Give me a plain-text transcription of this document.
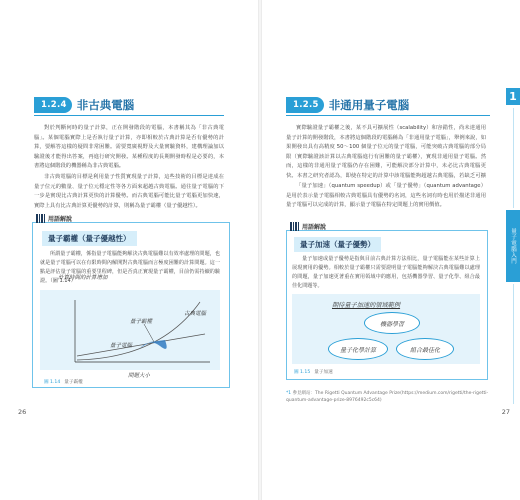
1.2.4 非古典電腦

對於判斷何時的量子計算，正在開發階段的電腦，本書稱其為「非古典電腦」。某個電腦實際上是否執行量子計算，亦即相較於古典計算是否有優勢的計算，要解答這樣的疑問非常困難。需要寬廣視野及大量實驗資料，建構理論加以驗證後才能得出答案，再進行研究開發。某種程度的長期開發時程是必要的，本書將這個階段的機器稱為非古典電腦。

非古典電腦的目標是利用量子性質實現量子計算，這些技術的目標是達成在量子位元的數量、量子位元穩定性等各方面來超越古典電腦。通往量子電腦的下一步是實現比古典計算更快的計算優勢。而古典電腦可能比量子電腦更加快速，實際上具有比古典計算更優勢的計算，則稱為量子霸權（量子優越性）。

用語解說
量子霸權（量子優越性）

所謂量子霸權，係指量子電腦能夠解決古典電腦難以有效率處理的問題，也就是量子電腦可以在有限時間內解開對古典電腦而言極度困難的計算問題。這一點是評估量子電腦的重要里程碑，但是否真正實現量子霸權，目前仍需持續的驗證。（圖 1.14）

計算時間的計算增加
問題大小
量子霸權
量子電腦
古典電腦
圖 1.14 量子霸權
26
1.2.5 非通用量子電腦

實際驗證量子霸權之後，某不具可擴展性（scalability）和容錯性，尚未達通用量子計算的開發階段，本書將這個階段的電腦稱為「非通用量子電腦」，舉例來說，如果開發出具有高精度 50～100 個量子位元的量子電腦，可能突破古典電腦的部分局限（實際驗證該計算以古典電腦進行有困難的量子霸權），實現非通用量子電腦。然而，這樣的非通用量子電腦仍存在困難，可能解決部分計算中，未必比古典電腦更快。本書之研究者認為，即使在特定的計算中該電腦能夠超越古典電腦，若缺乏可擴

「量子加速」（quantum speedup）或「量子優勢」（quantum advantage）是用於表示量子電腦相較古典電腦具有優勢的名詞，這些名詞有時也用於描述非通用量子電腦可以完成的計算，顯示量子電腦在特定問題上的實用價值。

用語解說
量子加速（量子優勢）

量子加速或量子優勢是指與目前古典計算方法相比，量子電腦能在某些計算上展現實用的優勢。相較於量子霸權只需要證明量子電腦能夠解決古典電腦難以處理的問題，量子加速更著重在實用領域中的應用，包括機器學習、量子化學、組合最佳化問題等。

期待量子加速的領域範例
機器學習
量子化學計算	組合最佳化
圖 1.15 量子加速
*1 參見網站：The Rigetti Quantum Advantage Prize(https://medium.com/rigetti/the-rigetti-quantum-advantage-prize-8976492c5c64)
27
1
量子電腦入門
